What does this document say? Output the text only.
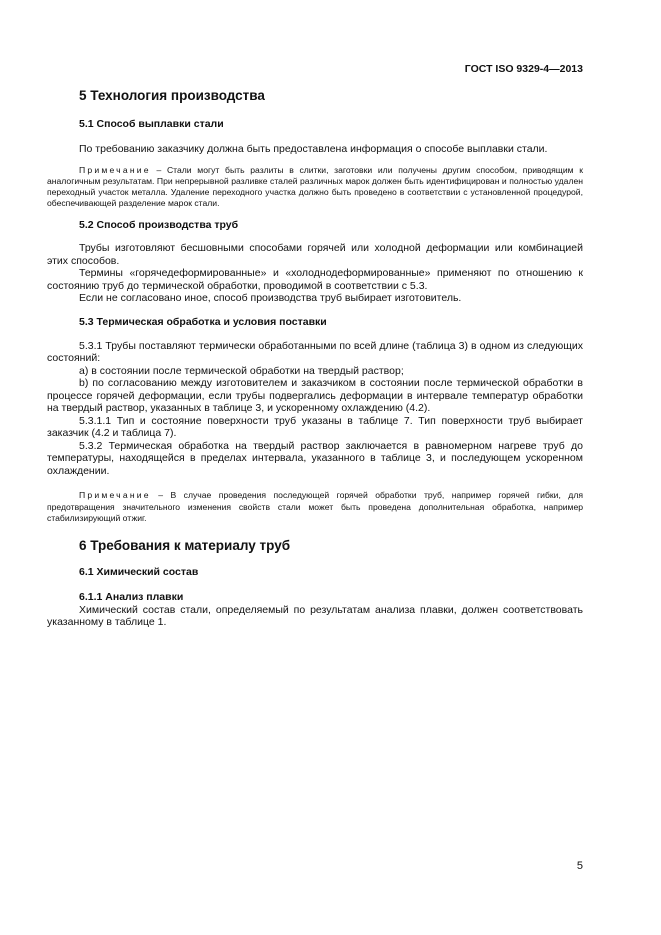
ГОСТ ISO 9329-4—2013
5 Технология производства
5.1 Способ выплавки стали

По требованию заказчику должна быть предоставлена информация о способе выплавки стали.

Примечание – Стали могут быть разлиты в слитки, заготовки или получены другим способом, приводящим к аналогичным результатам. При непрерывной разливке сталей различных марок должен быть идентифицирован и полностью удален переходный участок металла. Удаление переходного участка должно быть проведено в соответствии с установленной процедурой, обеспечивающей разделение марок стали.

5.2 Способ производства труб

Трубы изготовляют бесшовными способами горячей или холодной деформации или комбинацией этих способов.

Термины «горячедеформированные» и «холоднодеформированные» применяют по отношению к состоянию труб до термической обработки, проводимой в соответствии с 5.3.

Если не согласовано иное, способ производства труб выбирает изготовитель.

5.3 Термическая обработка и условия поставки

5.3.1 Трубы поставляют термически обработанными по всей длине (таблица 3) в одном из следующих состояний:

a) в состоянии после термической обработки на твердый раствор;

b) по согласованию между изготовителем и заказчиком в состоянии после термической обработки в процессе горячей деформации, если трубы подвергались деформации в интервале температур обработки на твердый раствор, указанных в таблице 3, и ускоренному охлаждению (4.2).

5.3.1.1 Тип и состояние поверхности труб указаны в таблице 7. Тип поверхности труб выбирает заказчик (4.2 и таблица 7).

5.3.2 Термическая обработка на твердый раствор заключается в равномерном нагреве труб до температуры, находящейся в пределах интервала, указанного в таблице 3, и последующем ускоренном охлаждении.

Примечание – В случае проведения последующей горячей обработки труб, например горячей гибки, для предотвращения значительного изменения свойств стали может быть проведена дополнительная обработка, например стабилизирующий отжиг.

6 Требования к материалу труб
6.1 Химический состав
6.1.1 Анализ плавки

Химический состав стали, определяемый по результатам анализа плавки, должен соответствовать указанному в таблице 1.

5
